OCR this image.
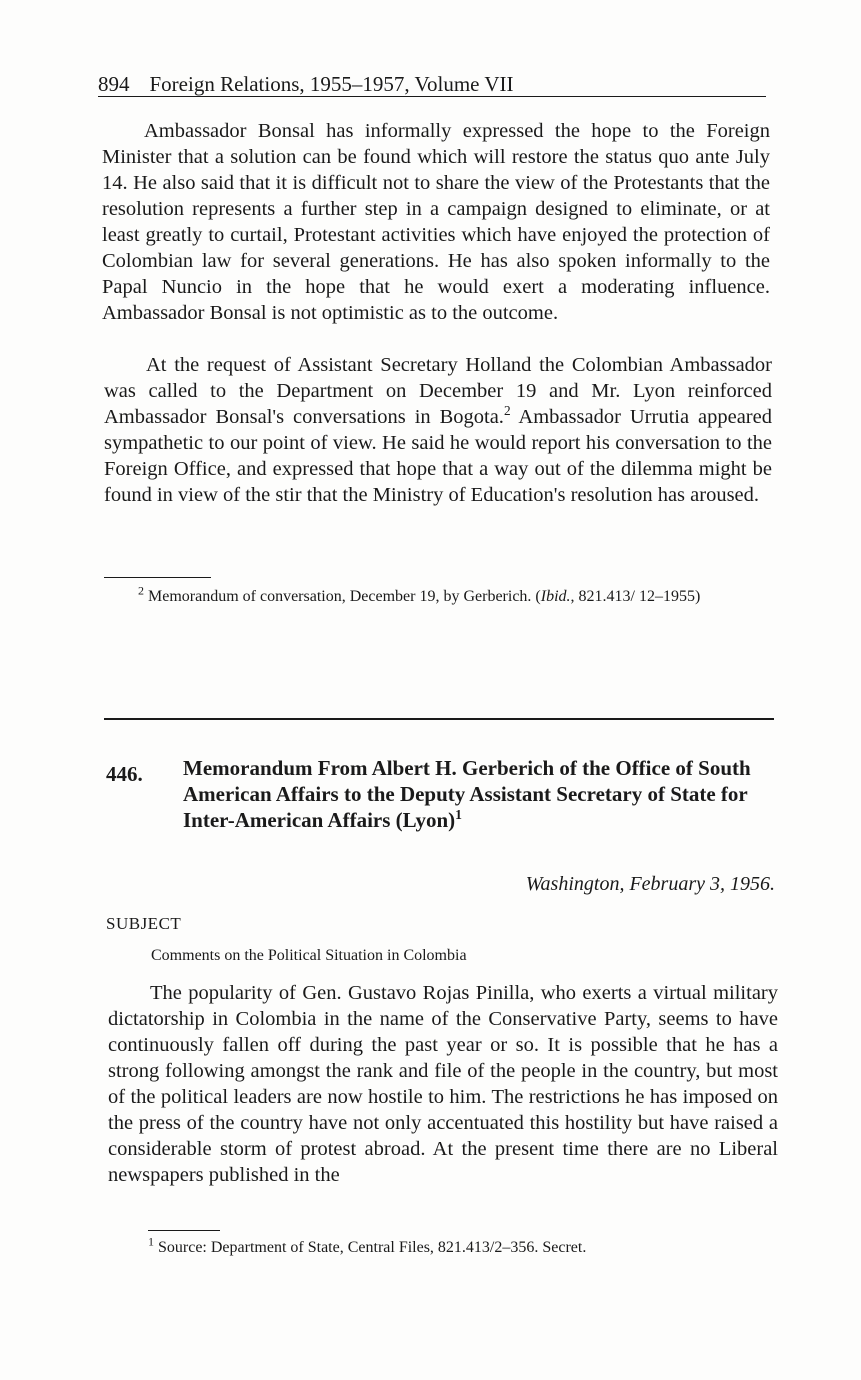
894 Foreign Relations, 1955–1957, Volume VII

Ambassador Bonsal has informally expressed the hope to the Foreign Minister that a solution can be found which will restore the status quo ante July 14. He also said that it is difficult not to share the view of the Protestants that the resolution represents a further step in a campaign designed to eliminate, or at least greatly to curtail, Protestant activities which have enjoyed the protection of Colombian law for several generations. He has also spoken informally to the Papal Nuncio in the hope that he would exert a moderating influence. Ambassador Bonsal is not optimistic as to the outcome.

At the request of Assistant Secretary Holland the Colombian Ambassador was called to the Department on December 19 and Mr. Lyon reinforced Ambassador Bonsal's conversations in Bogota.$^2$ Ambassador Urrutia appeared sympathetic to our point of view. He said he would report his conversation to the Foreign Office, and expressed that hope that a way out of the dilemma might be found in view of the stir that the Ministry of Education's resolution has aroused.

$^2$ Memorandum of conversation, December 19, by Gerberich. (Ibid., 821.413/ 12–1955)

446. Memorandum From Albert H. Gerberich of the Office of South American Affairs to the Deputy Assistant Secretary of State for Inter-American Affairs (Lyon)$^1$
Washington, February 3, 1956.
SUBJECT
Comments on the Political Situation in Colombia

The popularity of Gen. Gustavo Rojas Pinilla, who exerts a virtual military dictatorship in Colombia in the name of the Conservative Party, seems to have continuously fallen off during the past year or so. It is possible that he has a strong following amongst the rank and file of the people in the country, but most of the political leaders are now hostile to him. The restrictions he has imposed on the press of the country have not only accentuated this hostility but have raised a considerable storm of protest abroad. At the present time there are no Liberal newspapers published in the

$^1$ Source: Department of State, Central Files, 821.413/2–356. Secret.
